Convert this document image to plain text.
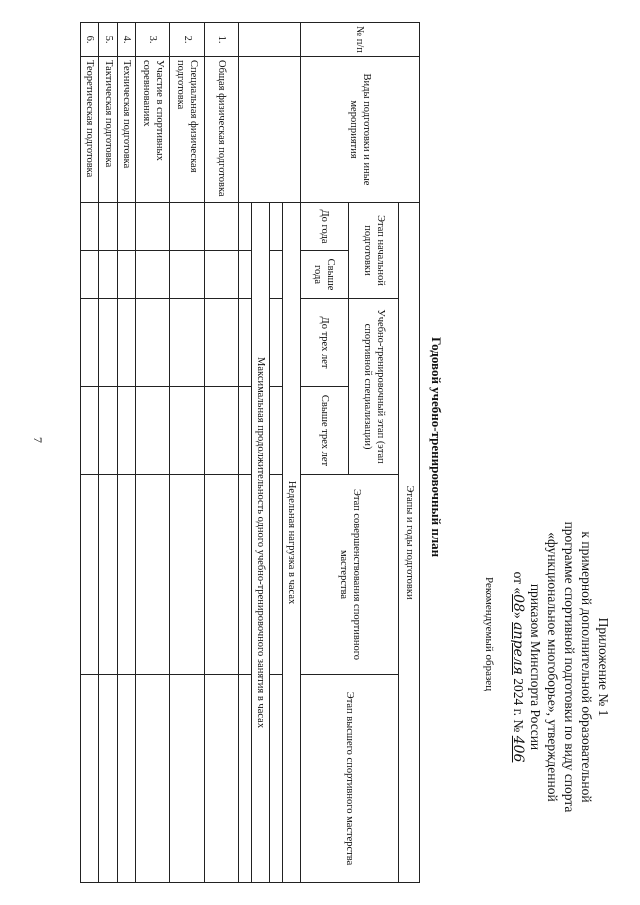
7
Приложение № 1
к примерной дополнительной образовательной
программе спортивной подготовки по виду спорта
«функциональное многоборье», утвержденной
приказом Минспорта России
от «08» апреля 2024 г. № 406
Рекомендуемый образец
Годовой учебно-тренировочный план
№ п/п	Виды подготовки и иные мероприятия	Этапы и годы подготовки					
		Этап начальной подготовки		Учебно-тренировочный этап (этап спортивной специализации)		Этап совершенствования спортивного мастерства	Этап высшего спортивного мастерства
		До года	Свыше года	До трех лет	Свыше трех лет		
		Недельная нагрузка в часах					

		Максимальная продолжительность одного учебно-тренировочного занятия в часах					

1.	Общая физическая подготовка						
2.	Специальная физическая подготовка						
3.	Участие в спортивных соревнованиях						
4.	Техническая подготовка						
5.	Тактическая подготовка						
6.	Теоретическая подготовка						
